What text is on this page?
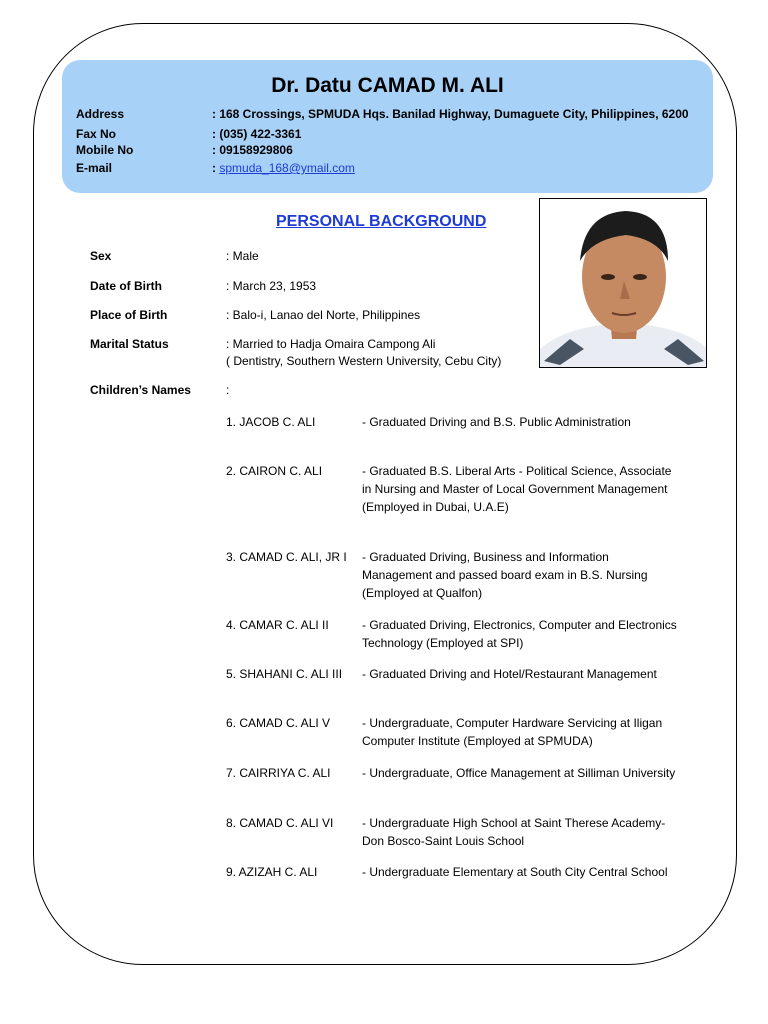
Dr. Datu CAMAD M. ALI
Address	: 168 Crossings, SPMUDA Hqs. Banilad Highway, Dumaguete City, Philippines, 6200
Fax No	: (035) 422-3361
Mobile No	: 09158929806
E-mail	: spmuda_168@ymail.com
PERSONAL BACKGROUND
Sex	: Male
Date of Birth	: March 23, 1953
Place of Birth	: Balo-i, Lanao del Norte, Philippines
Marital Status	: Married to Hadja Omaira Campong Ali
( Dentistry, Southern Western University, Cebu City)
Children’s Names	:
1. JACOB C. ALI	- Graduated Driving and B.S. Public Administration
2. CAIRON C. ALI	- Graduated B.S. Liberal Arts - Political Science, Associate in Nursing and Master of Local Government Management (Employed in Dubai, U.A.E)
3. CAMAD C. ALI, JR I - Graduated Driving, Business and Information Management and passed board exam in B.S. Nursing (Employed at Qualfon)
4. CAMAR C. ALI II	- Graduated Driving, Electronics, Computer and Electronics Technology (Employed at SPI)
5. SHAHANI C. ALI III - Graduated Driving and Hotel/Restaurant Management
6. CAMAD C. ALI V	- Undergraduate, Computer Hardware Servicing at Iligan Computer Institute (Employed at SPMUDA)
7. CAIRRIYA C. ALI	- Undergraduate, Office Management at Silliman University
8. CAMAD C. ALI VI - Undergraduate High School at Saint Therese Academy- Don Bosco-Saint Louis School
9. AZIZAH C. ALI	- Undergraduate Elementary at South City Central School
